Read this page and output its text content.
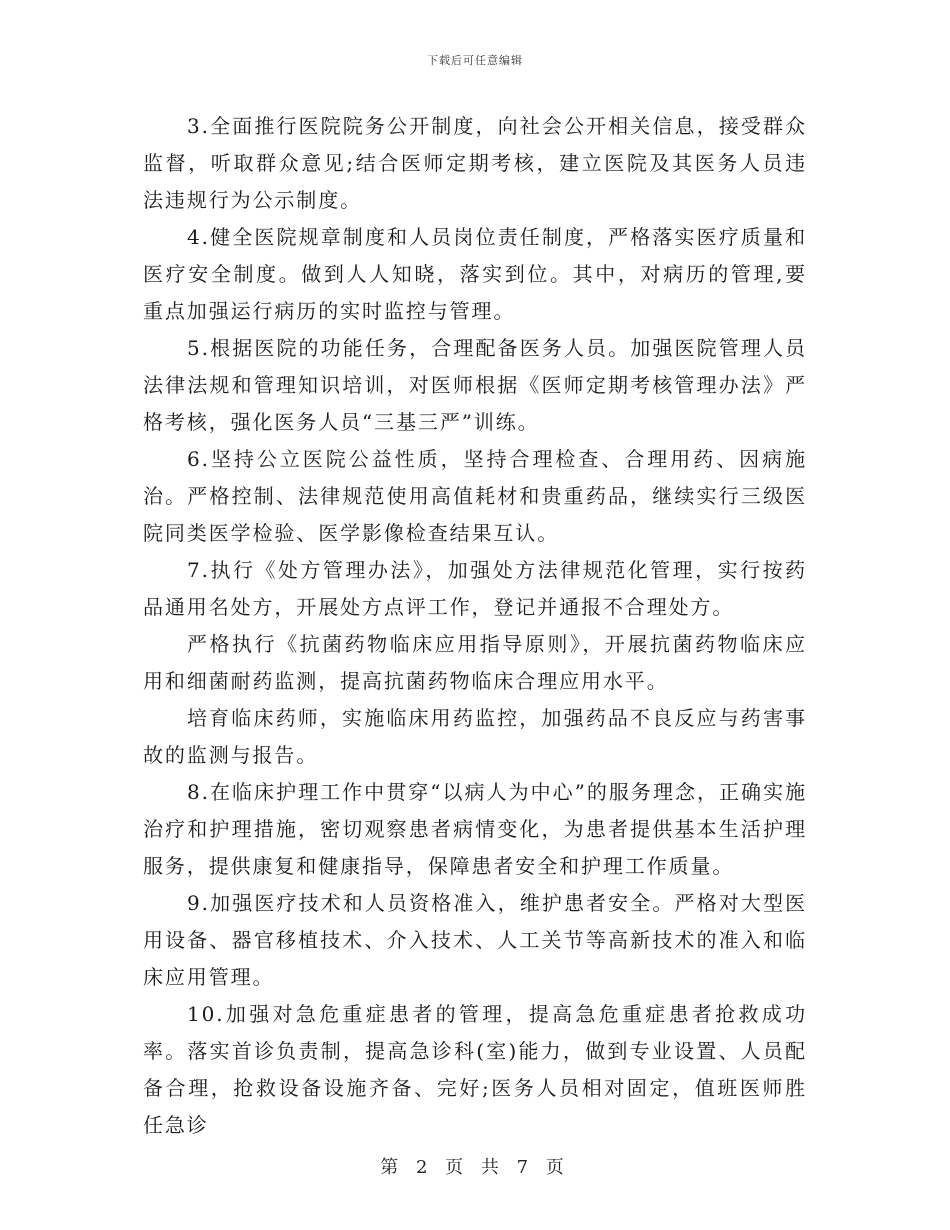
下载后可任意编辑

3.全面推行医院院务公开制度，向社会公开相关信息，接受群众监督，听取群众意见;结合医师定期考核，建立医院及其医务人员违法违规行为公示制度。

4.健全医院规章制度和人员岗位责任制度，严格落实医疗质量和医疗安全制度。做到人人知晓，落实到位。其中，对病历的管理,要重点加强运行病历的实时监控与管理。

5.根据医院的功能任务，合理配备医务人员。加强医院管理人员法律法规和管理知识培训，对医师根据《医师定期考核管理办法》严格考核，强化医务人员“三基三严”训练。

6.坚持公立医院公益性质，坚持合理检查、合理用药、因病施治。严格控制、法律规范使用高值耗材和贵重药品，继续实行三级医院同类医学检验、医学影像检查结果互认。

7.执行《处方管理办法》，加强处方法律规范化管理，实行按药品通用名处方，开展处方点评工作，登记并通报不合理处方。

严格执行《抗菌药物临床应用指导原则》，开展抗菌药物临床应用和细菌耐药监测，提高抗菌药物临床合理应用水平。

培育临床药师，实施临床用药监控，加强药品不良反应与药害事故的监测与报告。

8.在临床护理工作中贯穿“以病人为中心”的服务理念，正确实施治疗和护理措施，密切观察患者病情变化，为患者提供基本生活护理服务，提供康复和健康指导，保障患者安全和护理工作质量。

9.加强医疗技术和人员资格准入，维护患者安全。严格对大型医用设备、器官移植技术、介入技术、人工关节等高新技术的准入和临床应用管理。

10.加强对急危重症患者的管理，提高急危重症患者抢救成功率。落实首诊负责制，提高急诊科(室)能力，做到专业设置、人员配备合理，抢救设备设施齐备、完好;医务人员相对固定，值班医师胜任急诊

第 2 页 共 7 页
